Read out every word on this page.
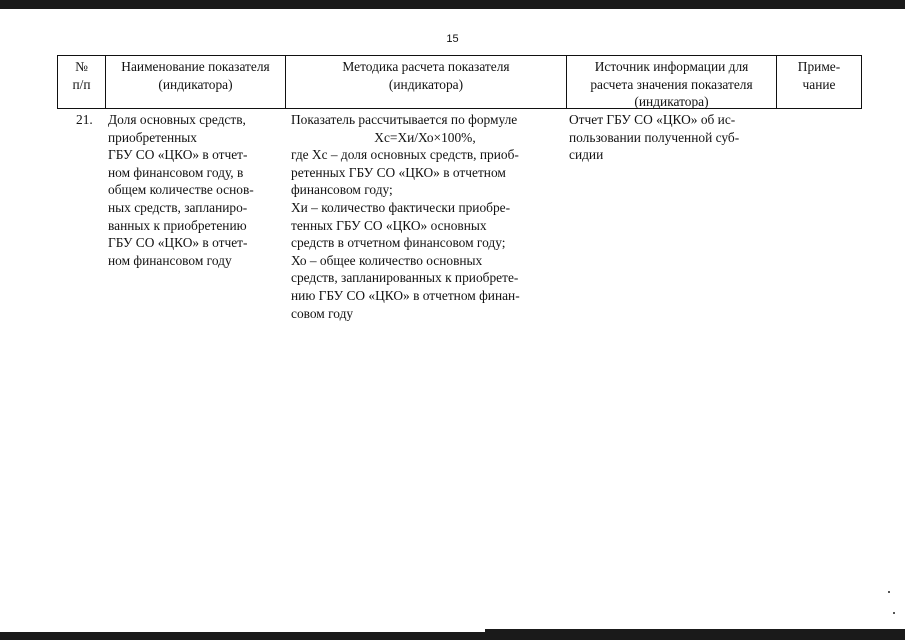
15
№
п/п
Наименование показателя
(индикатора)
Методика расчета показателя
(индикатора)
Источник информации для
расчета значения показателя
(индикатора)
Приме-
чание
21.	Доля основных средств,
приобретенных
ГБУ СО «ЦКО» в отчет-
ном финансовом году, в
общем количестве основ-
ных средств, запланиро-
ванных к приобретению
ГБУ СО «ЦКО» в отчет-
ном финансовом году
Показатель рассчитывается по формуле
Хс=Хи/Хо×100%,
где Хс – доля основных средств, приоб-
ретенных ГБУ СО «ЦКО» в отчетном
финансовом году;
Хи – количество фактически приобре-
тенных ГБУ СО «ЦКО» основных
средств в отчетном финансовом году;
Хо – общее количество основных
средств, запланированных к приобрете-
нию ГБУ СО «ЦКО» в отчетном финан-
совом году
Отчет ГБУ СО «ЦКО» об ис-
пользовании полученной суб-
сидии
